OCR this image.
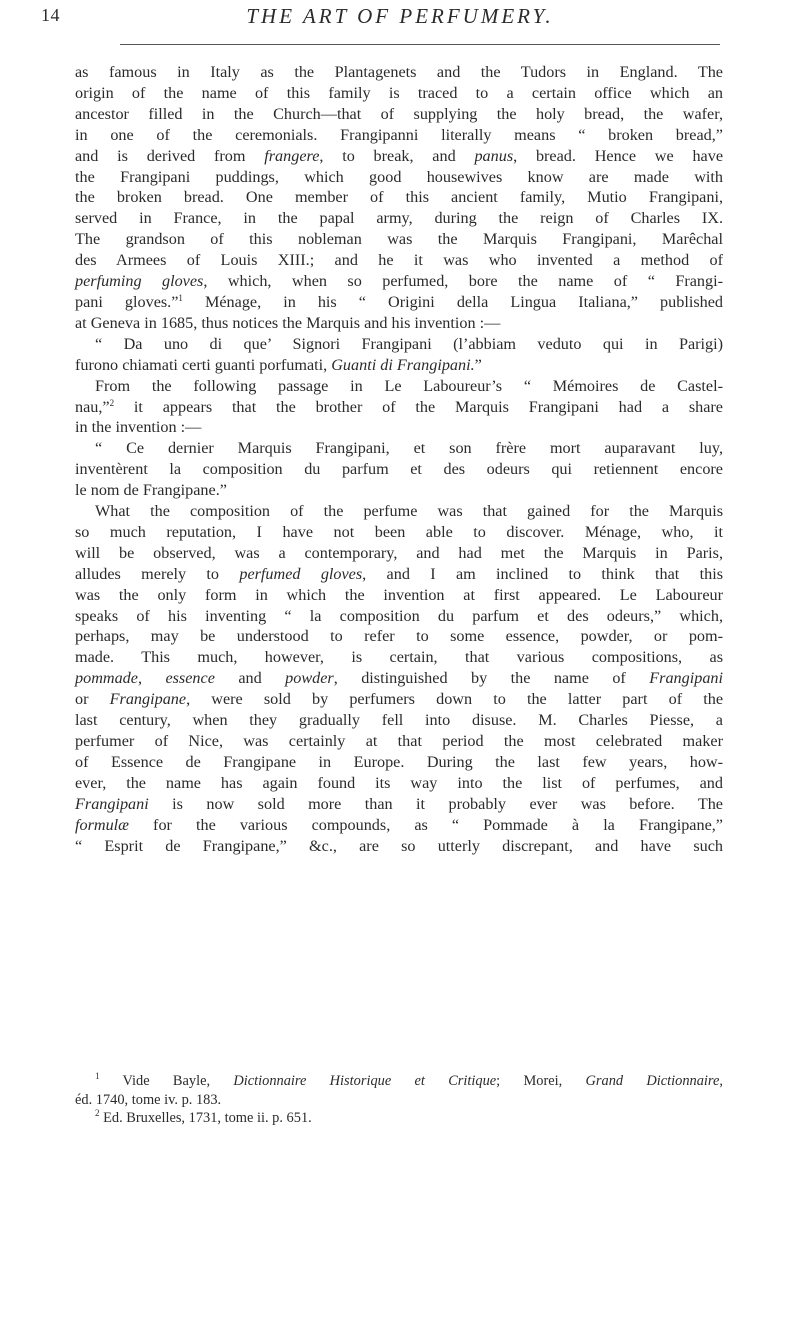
14	THE ART OF PERFUMERY.
as famous in Italy as the Plantagenets and the Tudors in England. The
origin of the name of this family is traced to a certain office which an
ancestor filled in the Church—that of supplying the holy bread, the wafer,
in one of the ceremonials. Frangipanni literally means “ broken bread,”
and is derived from frangere, to break, and panus, bread. Hence we have
the Frangipani puddings, which good housewives know are made with
the broken bread. One member of this ancient family, Mutio Frangipani,
served in France, in the papal army, during the reign of Charles IX.
The grandson of this nobleman was the Marquis Frangipani, Marêchal
des Armees of Louis XIII.; and he it was who invented a method of
perfuming gloves, which, when so perfumed, bore the name of “ Frangi-
pani gloves.”$^1$ Ménage, in his “ Origini della Lingua Italiana,” published
at Geneva in 1685, thus notices the Marquis and his invention :—
“ Da uno di que’ Signori Frangipani (l’abbiam veduto qui in Parigi)
furono chiamati certi guanti porfumati, Guanti di Frangipani.”
From the following passage in Le Laboureur’s “ Mémoires de Castel-
nau,”$^2$ it appears that the brother of the Marquis Frangipani had a share
in the invention :—
“ Ce dernier Marquis Frangipani, et son frère mort auparavant luy,
inventèrent la composition du parfum et des odeurs qui retiennent encore
le nom de Frangipane.”
What the composition of the perfume was that gained for the Marquis
so much reputation, I have not been able to discover. Ménage, who, it
will be observed, was a contemporary, and had met the Marquis in Paris,
alludes merely to perfumed gloves, and I am inclined to think that this
was the only form in which the invention at first appeared. Le Laboureur
speaks of his inventing “ la composition du parfum et des odeurs,” which,
perhaps, may be understood to refer to some essence, powder, or pom-
made. This much, however, is certain, that various compositions, as
pommade, essence and powder, distinguished by the name of Frangipani
or Frangipane, were sold by perfumers down to the latter part of the
last century, when they gradually fell into disuse. M. Charles Piesse, a
perfumer of Nice, was certainly at that period the most celebrated maker
of Essence de Frangipane in Europe. During the last few years, how-
ever, the name has again found its way into the list of perfumes, and
Frangipani is now sold more than it probably ever was before. The
formulæ for the various compounds, as “ Pommade à la Frangipane,”
“ Esprit de Frangipane,” &c., are so utterly discrepant, and have such
$^1$ Vide Bayle, Dictionnaire Historique et Critique; Morei, Grand Dictionnaire,
éd. 1740, tome iv. p. 183.
$^2$ Ed. Bruxelles, 1731, tome ii. p. 651.
